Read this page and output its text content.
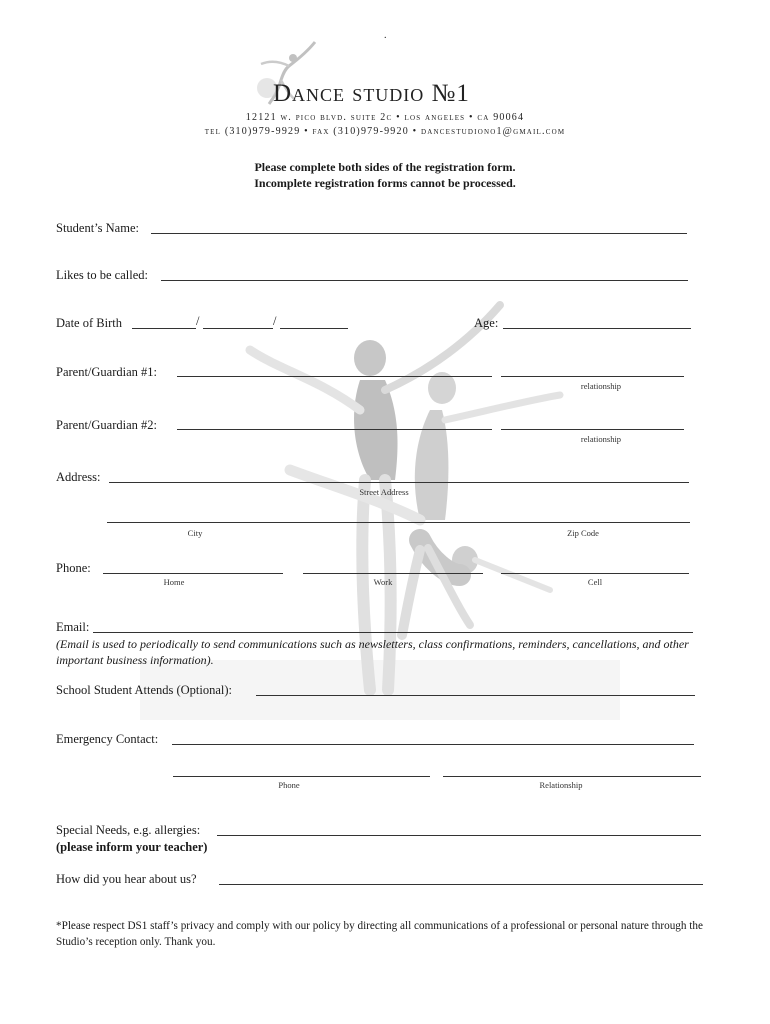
.
Dance studio №1
12121 w. pico blvd. suite 2c • los angeles • ca 90064
tel (310)979-9929 • fax (310)979-9920 • dancestudiono1@gmail.com
Please complete both sides of the registration form.
Incomplete registration forms cannot be processed.
Student’s Name:
Likes to be called:
Date of Birth	/	/	Age:
Parent/Guardian #1:
relationship
Parent/Guardian #2:
relationship
Address:
Street Address
City	Zip Code
Phone:
Home	Work	Cell
Email:
(Email is used to periodically to send communications such as newsletters, class confirmations, reminders, cancellations, and other important business information).
School Student Attends (Optional):
Emergency Contact:
Phone	Relationship
Special Needs, e.g. allergies:
(please inform your teacher)
How did you hear about us?
*Please respect DS1 staff’s privacy and comply with our policy by directing all communications of a professional or personal nature through the Studio’s reception only. Thank you.
